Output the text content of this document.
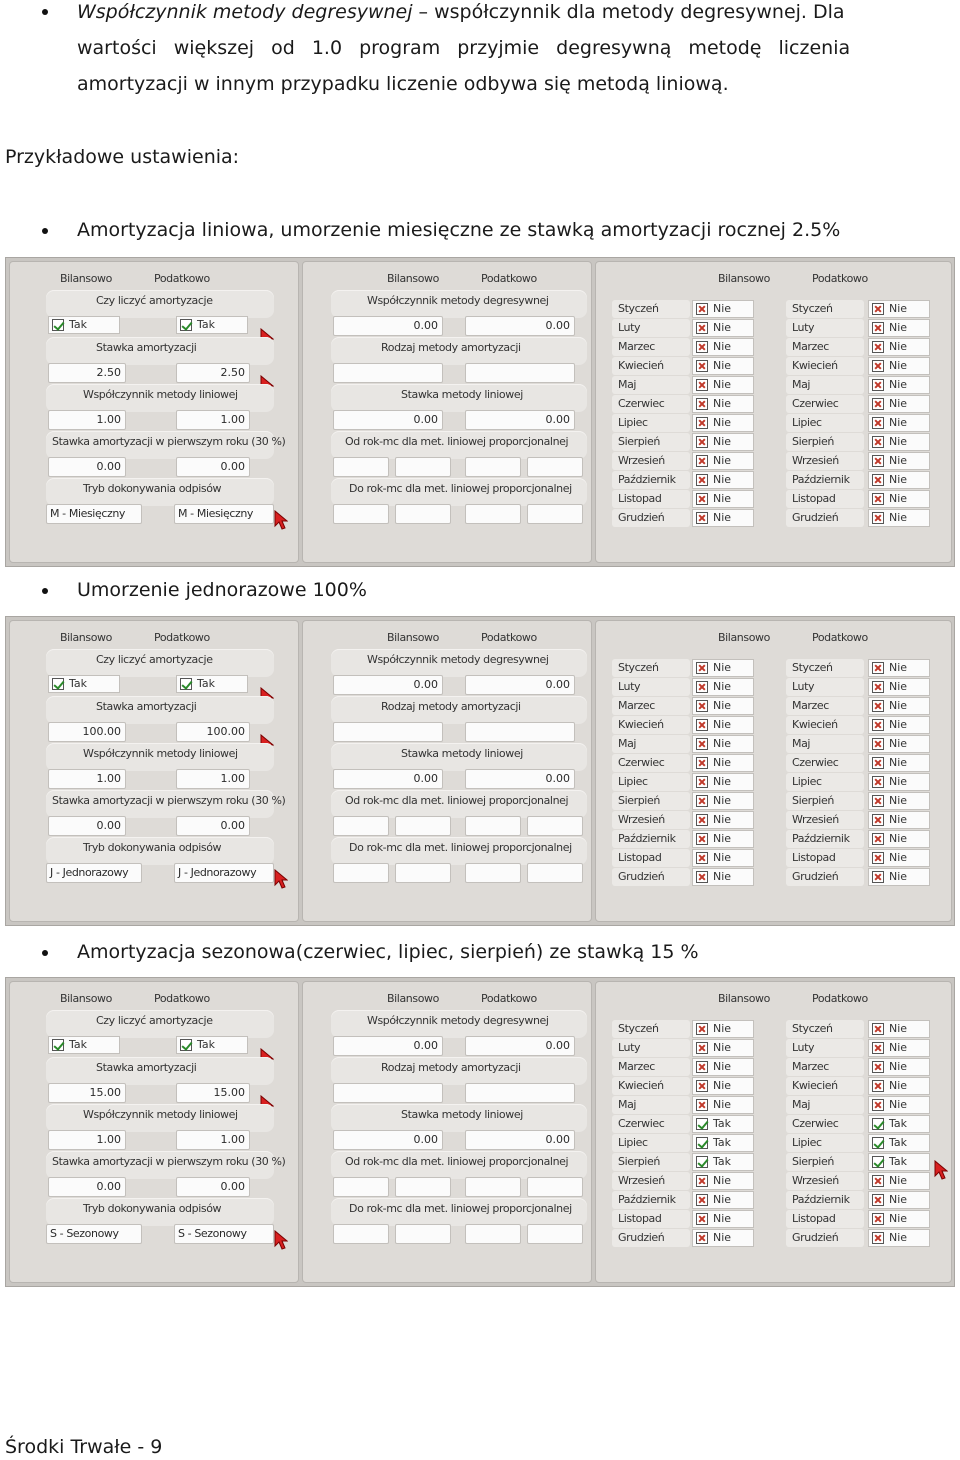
Współczynnik metody degresywnej – współczynnik dla metody degresywnej. Dla
wartości większej od 1.0 program przyjmie degresywną metodę liczenia
amortyzacji w innym przypadku liczenie odbywa się metodą liniową.
Przykładowe ustawienia:
Amortyzacja liniowa, umorzenie miesięczne ze stawką amortyzacji rocznej 2.5%
Bilansowo	Podatkowo
Czy liczyć amortyzacje
Tak	Tak
Stawka amortyzacji
2.50	2.50
Współczynnik metody liniowej
1.00	1.00
Stawka amortyzacji w pierwszym roku (30 %)
0.00	0.00
Tryb dokonywania odpisów
M - Miesięczny	M - Miesięczny
Bilansowo	Podatkowo
Współczynnik metody degresywnej
0.00	0.00
Rodzaj metody amortyzacji
Stawka metody liniowej
0.00	0.00
Od rok-mc dla met. liniowej proporcjonalnej
Do rok-mc dla met. liniowej proporcjonalnej
Bilansowo	Podatkowo
Styczeń	Nie	Styczeń	Nie
Luty	Nie	Luty	Nie
Marzec	Nie	Marzec	Nie
Kwiecień	Nie	Kwiecień	Nie
Maj	Nie	Maj	Nie
Czerwiec	Nie	Czerwiec	Nie
Lipiec	Nie	Lipiec	Nie
Sierpień	Nie	Sierpień	Nie
Wrzesień	Nie	Wrzesień	Nie
Październik	Nie	Październik	Nie
Listopad	Nie	Listopad	Nie
Grudzień	Nie	Grudzień	Nie
Umorzenie jednorazowe 100%
Bilansowo	Podatkowo
Czy liczyć amortyzacje
Tak	Tak
Stawka amortyzacji
100.00	100.00
Współczynnik metody liniowej
1.00	1.00
Stawka amortyzacji w pierwszym roku (30 %)
0.00	0.00
Tryb dokonywania odpisów
J - Jednorazowy	J - Jednorazowy
Bilansowo	Podatkowo
Współczynnik metody degresywnej
0.00	0.00
Rodzaj metody amortyzacji
Stawka metody liniowej
0.00	0.00
Od rok-mc dla met. liniowej proporcjonalnej
Do rok-mc dla met. liniowej proporcjonalnej
Bilansowo	Podatkowo
Styczeń	Nie	Styczeń	Nie
Luty	Nie	Luty	Nie
Marzec	Nie	Marzec	Nie
Kwiecień	Nie	Kwiecień	Nie
Maj	Nie	Maj	Nie
Czerwiec	Nie	Czerwiec	Nie
Lipiec	Nie	Lipiec	Nie
Sierpień	Nie	Sierpień	Nie
Wrzesień	Nie	Wrzesień	Nie
Październik	Nie	Październik	Nie
Listopad	Nie	Listopad	Nie
Grudzień	Nie	Grudzień	Nie
Amortyzacja sezonowa(czerwiec, lipiec, sierpień) ze stawką 15 %
Bilansowo	Podatkowo
Czy liczyć amortyzacje
Tak	Tak
Stawka amortyzacji
15.00	15.00
Współczynnik metody liniowej
1.00	1.00
Stawka amortyzacji w pierwszym roku (30 %)
0.00	0.00
Tryb dokonywania odpisów
S - Sezonowy	S - Sezonowy
Bilansowo	Podatkowo
Współczynnik metody degresywnej
0.00	0.00
Rodzaj metody amortyzacji
Stawka metody liniowej
0.00	0.00
Od rok-mc dla met. liniowej proporcjonalnej
Do rok-mc dla met. liniowej proporcjonalnej
Bilansowo	Podatkowo
Styczeń	Nie	Styczeń	Nie
Luty	Nie	Luty	Nie
Marzec	Nie	Marzec	Nie
Kwiecień	Nie	Kwiecień	Nie
Maj	Nie	Maj	Nie
Czerwiec	Tak	Czerwiec	Tak
Lipiec	Tak	Lipiec	Tak
Sierpień	Tak	Sierpień	Tak
Wrzesień	Nie	Wrzesień	Nie
Październik	Nie	Październik	Nie
Listopad	Nie	Listopad	Nie
Grudzień	Nie	Grudzień	Nie
Środki Trwałe - 9
